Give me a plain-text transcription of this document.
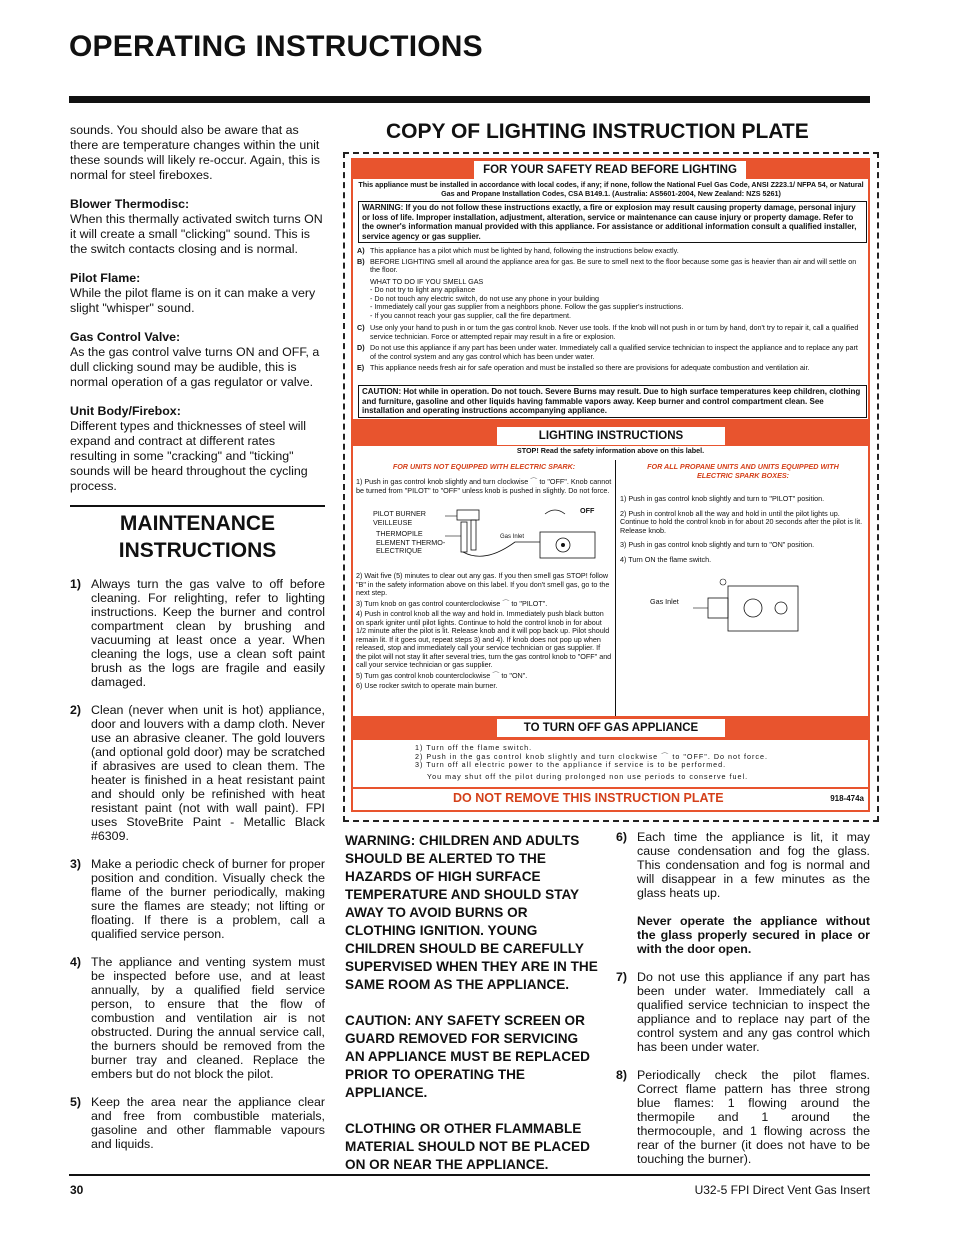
OPERATING INSTRUCTIONS

sounds. You should also be aware that as there are temperature changes within the unit these sounds will likely re-occur. Again, this is normal for steel fireboxes.

Blower Thermodisc:
When this thermally activated switch turns ON it will create a small "clicking" sound. This is the switch contacts closing and is normal.

Pilot Flame:
While the pilot flame is on it can make a very slight "whisper" sound.

Gas Control Valve:
As the gas control valve turns ON and OFF, a dull clicking sound may be audible, this is normal operation of a gas regulator or valve.

Unit Body/Firebox:
Different types and thicknesses of steel will expand and contract at different rates resulting in some "cracking" and "ticking" sounds will be heard throughout the cycling process.

MAINTENANCE INSTRUCTIONS
1) Always turn the gas valve to off before cleaning. For relighting, refer to lighting instructions. Keep the burner and control compartment clean by brushing and vacuuming at least once a year. When cleaning the logs, use a clean soft paint brush as the logs are fragile and easily damaged.
2) Clean (never when unit is hot) appliance, door and louvers with a damp cloth. Never use an abrasive cleaner. The gold louvers (and optional gold door) may be scratched if abrasives are used to clean them. The heater is finished in a heat resistant paint and should only be refinished with heat resistant paint (not with wall paint). FPI uses StoveBrite Paint - Metallic Black #6309.
3) Make a periodic check of burner for proper position and condition. Visually check the flame of the burner periodically, making sure the flames are steady; not lifting or floating. If there is a problem, call a qualified service person.
4) The appliance and venting system must be inspected before use, and at least annually, by a qualified field service person, to ensure that the flow of combustion and ventilation air is not obstructed. During the annual service call, the burners should be removed from the burner tray and cleaned. Replace the embers but do not block the pilot.
5) Keep the area near the appliance clear and free from combustible materials, gasoline and other flammable vapours and liquids.
COPY OF LIGHTING INSTRUCTION PLATE
FOR YOUR SAFETY READ BEFORE LIGHTING
This appliance must be installed in accordance with local codes, if any; if none, follow the National Fuel Gas Code, ANSI Z223.1/ NFPA 54, or Natural Gas and Propane Installation Codes, CSA B149.1. (Australia: AS5601-2004, New Zealand: NZS 5261)
WARNING: If you do not follow these instructions exactly, a fire or explosion may result causing property damage, personal injury or loss of life. Improper installation, adjustment, alteration, service or maintenance can cause injury or property damage. Refer to the owner's information manual provided with this appliance. For assistance or additional information consult a qualified installer, service agency or gas supplier.
A) This appliance has a pilot which must be lighted by hand, following the instructions below exactly.
B) BEFORE LIGHTING smell all around the appliance area for gas. Be sure to smell next to the floor because some gas is heavier than air and will settle on the floor.
WHAT TO DO IF YOU SMELL GAS
- Do not try to light any appliance
- Do not touch any electric switch, do not use any phone in your building
- Immediately call your gas supplier from a neighbors phone. Follow the gas supplier's instructions.
- If you cannot reach your gas supplier, call the fire department.
C) Use only your hand to push in or turn the gas control knob. Never use tools. If the knob will not push in or turn by hand, don't try to repair it, call a qualified service technician. Force or attempted repair may result in a fire or explosion.
D) Do not use this appliance if any part has been under water. Immediately call a qualified service technician to inspect the appliance and to replace any part of the control system and any gas control which has been under water.
E) This appliance needs fresh air for safe operation and must be installed so there are provisions for adequate combustion and ventilation air.
CAUTION: Hot while in operation. Do not touch. Severe Burns may result. Due to high surface temperatures keep children, clothing and furniture, gasoline and other liquids having fammable vapors away. Keep burner and control compartment clean. See installation and operating instructions accompanying appliance.
LIGHTING INSTRUCTIONS
STOP! Read the safety information above on this label.
FOR UNITS NOT EQUIPPED WITH ELECTRIC SPARK:	FOR ALL PROPANE UNITS AND UNITS EQUIPPED WITH ELECTRIC SPARK BOXES:
1) Push in gas control knob slightly and turn clockwise ⌒ to "OFF". Knob cannot be turned from "PILOT" to "OFF" unless knob is pushed in slightly. Do not force.
PILOT BURNER VEILLEUSE
THERMOPILE ELEMENT THERMO-ELECTRIQUE
OFF
Gas Inlet
2) Wait five (5) minutes to clear out any gas. If you then smell gas STOP! follow "B" in the safety information above on this label. If you don't smell gas, go to the next step.
3) Turn knob on gas control counterclockwise ⌒ to "PILOT".
4) Push in control knob all the way and hold in. Immediately push black button on spark igniter until pilot lights. Continue to hold the control knob in for about 1/2 minute after the pilot is lit. Release knob and it will pop back up. Pilot should remain lit. If it goes out, repeat steps 3) and 4). If knob does not pop up when released, stop and immediately call your service technician or gas supplier. If the pilot will not stay lit after several tries, turn the gas control knob to "OFF" and call your service technician or gas supplier.
5) Turn gas control knob counterclockwise ⌒ to "ON".
6) Use rocker switch to operate main burner.
1) Push in gas control knob slightly and turn to "PILOT" position.
2) Push in control knob all the way and hold in until the pilot lights up. Continue to hold the control knob in for about 20 seconds after the pilot is lit. Release knob.
3) Push in gas control knob slightly and turn to "ON" position.
4) Turn ON the flame switch.
Gas Inlet
TO TURN OFF GAS APPLIANCE
1) Turn off the flame switch.
2) Push in the gas control knob slightly and turn clockwise ⌒ to "OFF". Do not force.
3) Turn off all electric power to the appliance if service is to be performed.
You may shut off the pilot during prolonged non use periods to conserve fuel.
DO NOT REMOVE THIS INSTRUCTION PLATE	918-474a

WARNING: CHILDREN AND ADULTS SHOULD BE ALERTED TO THE HAZARDS OF HIGH SURFACE TEMPERATURE AND SHOULD STAY AWAY TO AVOID BURNS OR CLOTHING IGNITION. YOUNG CHILDREN SHOULD BE CAREFULLY SUPERVISED WHEN THEY ARE IN THE SAME ROOM AS THE APPLIANCE.

CAUTION: ANY SAFETY SCREEN OR GUARD REMOVED FOR SERVICING AN APPLIANCE MUST BE REPLACED PRIOR TO OPERATING THE APPLIANCE.

CLOTHING OR OTHER FLAMMABLE MATERIAL SHOULD NOT BE PLACED ON OR NEAR THE APPLIANCE.

6) Each time the appliance is lit, it may cause condensation and fog the glass. This condensation and fog is normal and will disappear in a few minutes as the glass heats up.

Never operate the appliance without the glass properly secured in place or with the door open.
7) Do not use this appliance if any part has been under water. Immediately call a qualified service technician to inspect the appliance and to replace nay part of the control system and any gas control which has been under water.
8) Periodically check the pilot flames. Correct flame pattern has three strong blue flames: 1 flowing around the thermopile and 1 around the thermocouple, and 1 flowing across the rear of the burner (it does not have to be touching the burner).
30	U32-5 FPI Direct Vent Gas Insert
